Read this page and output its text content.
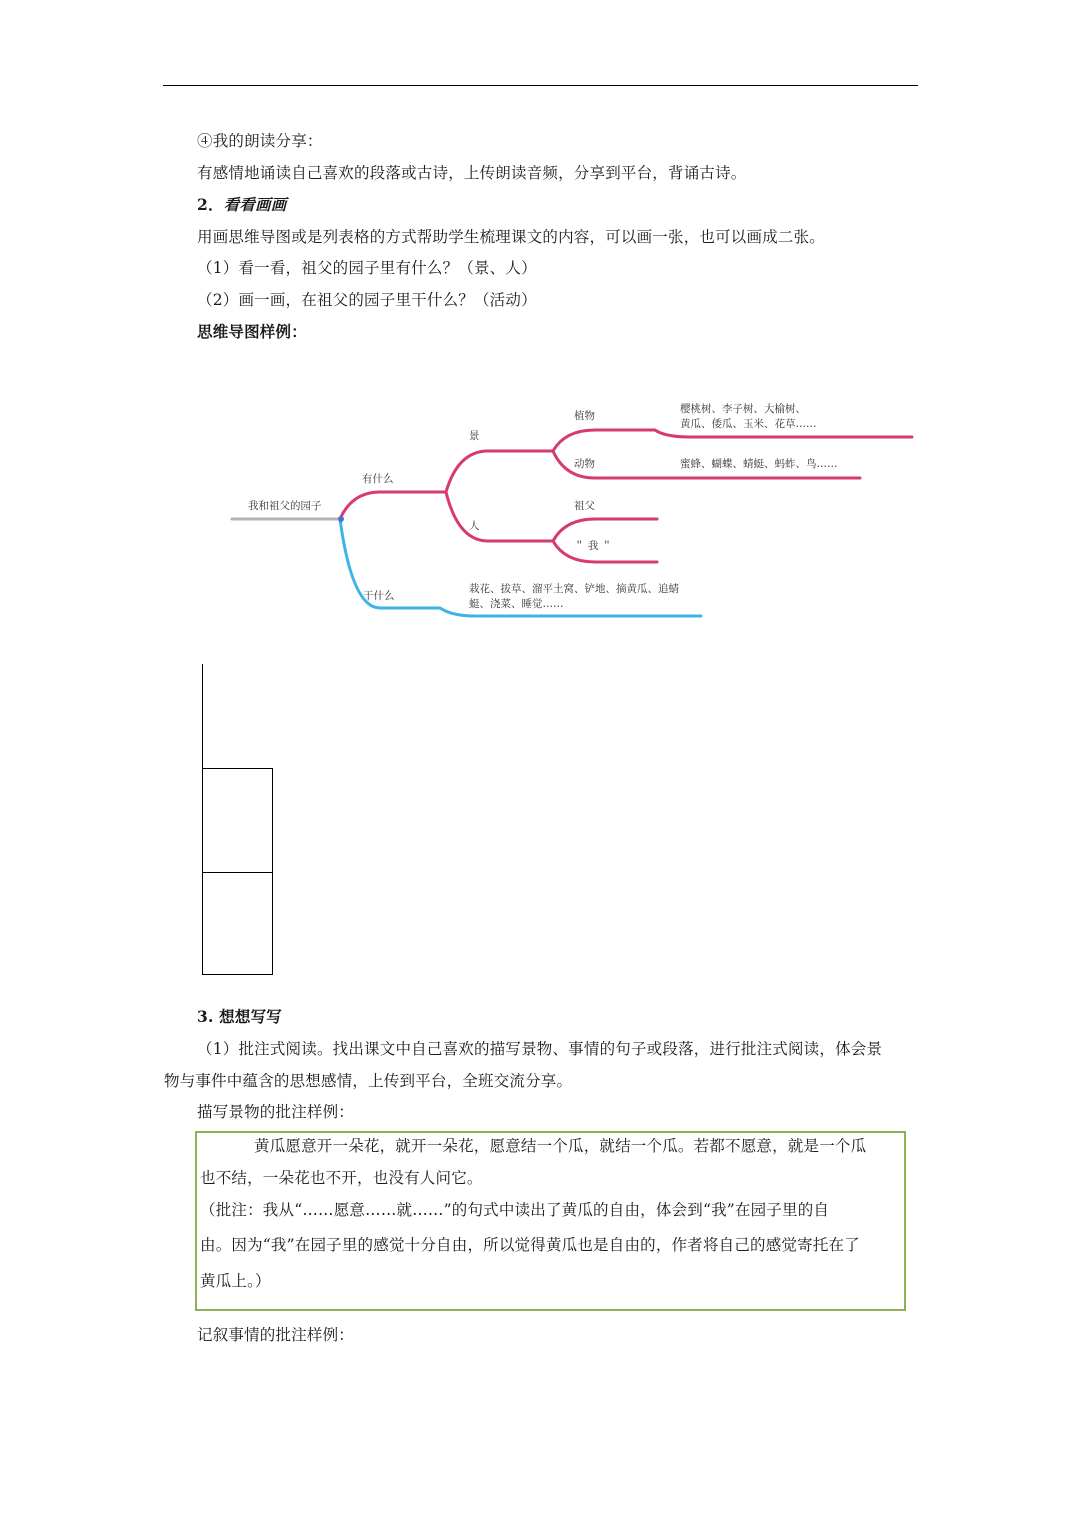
④我的朗读分享：
有感情地诵读自己喜欢的段落或古诗，上传朗读音频，分享到平台，背诵古诗。
2．看看画画
用画思维导图或是列表格的方式帮助学生梳理课文的内容，可以画一张，也可以画成二张。
（1）看一看，祖父的园子里有什么？（景、人）
（2）画一画，在祖父的园子里干什么？（活动）
思维导图样例：
我和祖父的园子
有什么
景
植物
樱桃树、李子树、大榆树、
黄瓜、倭瓜、玉米、花草……
动物	蜜蜂、蝴蝶、蜻蜓、蚂蚱、鸟……
人
祖父
＂ 我 ＂
干什么
栽花、拔草、溜平土窝、铲地、摘黄瓜、追蜻
蜓、浇菜、睡觉……
3. 想想写写
（1）批注式阅读。找出课文中自己喜欢的描写景物、事情的句子或段落，进行批注式阅读，体会景
物与事件中蕴含的思想感情，上传到平台，全班交流分享。
描写景物的批注样例：
黄瓜愿意开一朵花，就开一朵花，愿意结一个瓜，就结一个瓜。若都不愿意，就是一个瓜
也不结，一朵花也不开，也没有人问它。
（批注：我从“……愿意……就……”的句式中读出了黄瓜的自由，体会到“我”在园子里的自
由。因为“我”在园子里的感觉十分自由，所以觉得黄瓜也是自由的，作者将自己的感觉寄托在了
黄瓜上。）
记叙事情的批注样例：
